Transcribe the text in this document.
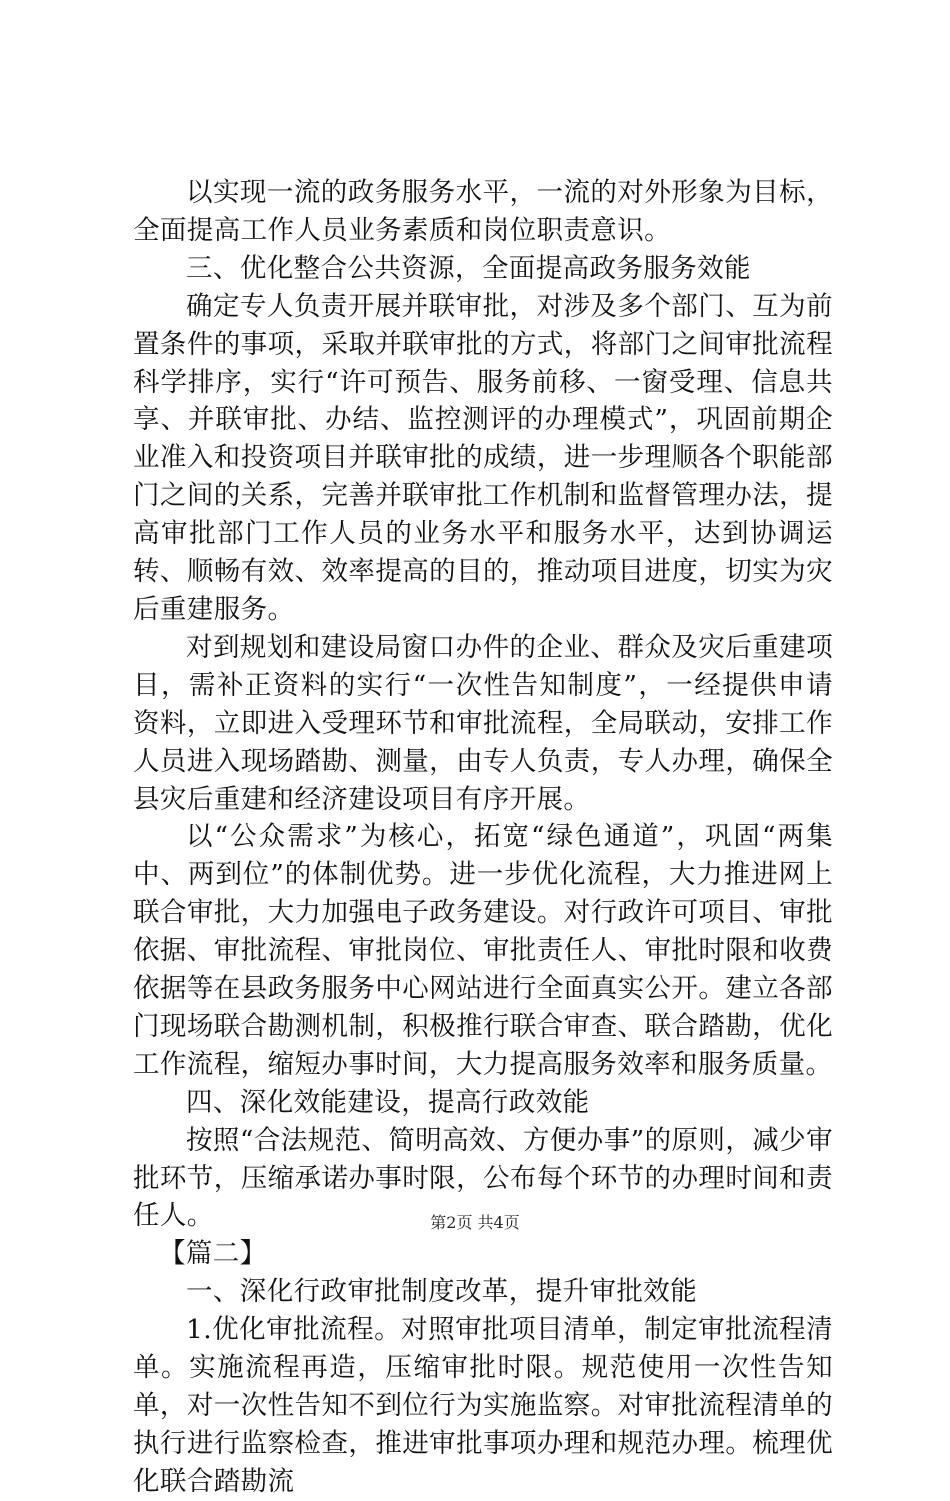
以实现一流的政务服务水平，一流的对外形象为目标，全面提高工作人员业务素质和岗位职责意识。

三、优化整合公共资源，全面提高政务服务效能

确定专人负责开展并联审批，对涉及多个部门、互为前置条件的事项，采取并联审批的方式，将部门之间审批流程科学排序，实行“许可预告、服务前移、一窗受理、信息共享、并联审批、办结、监控测评的办理模式”，巩固前期企业准入和投资项目并联审批的成绩，进一步理顺各个职能部门之间的关系，完善并联审批工作机制和监督管理办法，提高审批部门工作人员的业务水平和服务水平，达到协调运转、顺畅有效、效率提高的目的，推动项目进度，切实为灾后重建服务。

对到规划和建设局窗口办件的企业、群众及灾后重建项目，需补正资料的实行“一次性告知制度”，一经提供申请资料，立即进入受理环节和审批流程，全局联动，安排工作人员进入现场踏勘、测量，由专人负责，专人办理，确保全县灾后重建和经济建设项目有序开展。

以“公众需求”为核心，拓宽“绿色通道”，巩固“两集中、两到位”的体制优势。进一步优化流程，大力推进网上联合审批，大力加强电子政务建设。对行政许可项目、审批依据、审批流程、审批岗位、审批责任人、审批时限和收费依据等在县政务服务中心网站进行全面真实公开。建立各部门现场联合勘测机制，积极推行联合审查、联合踏勘，优化工作流程，缩短办事时间，大力提高服务效率和服务质量。

四、深化效能建设，提高行政效能

按照“合法规范、简明高效、方便办事”的原则，减少审批环节，压缩承诺办事时限，公布每个环节的办理时间和责任人。

【篇二】

一、深化行政审批制度改革，提升审批效能

1.优化审批流程。对照审批项目清单，制定审批流程清单。实施流程再造，压缩审批时限。规范使用一次性告知单，对一次性告知不到位行为实施监察。对审批流程清单的执行进行监察检查，推进审批事项办理和规范办理。梳理优化联合踏勘流

第2页 共4页
